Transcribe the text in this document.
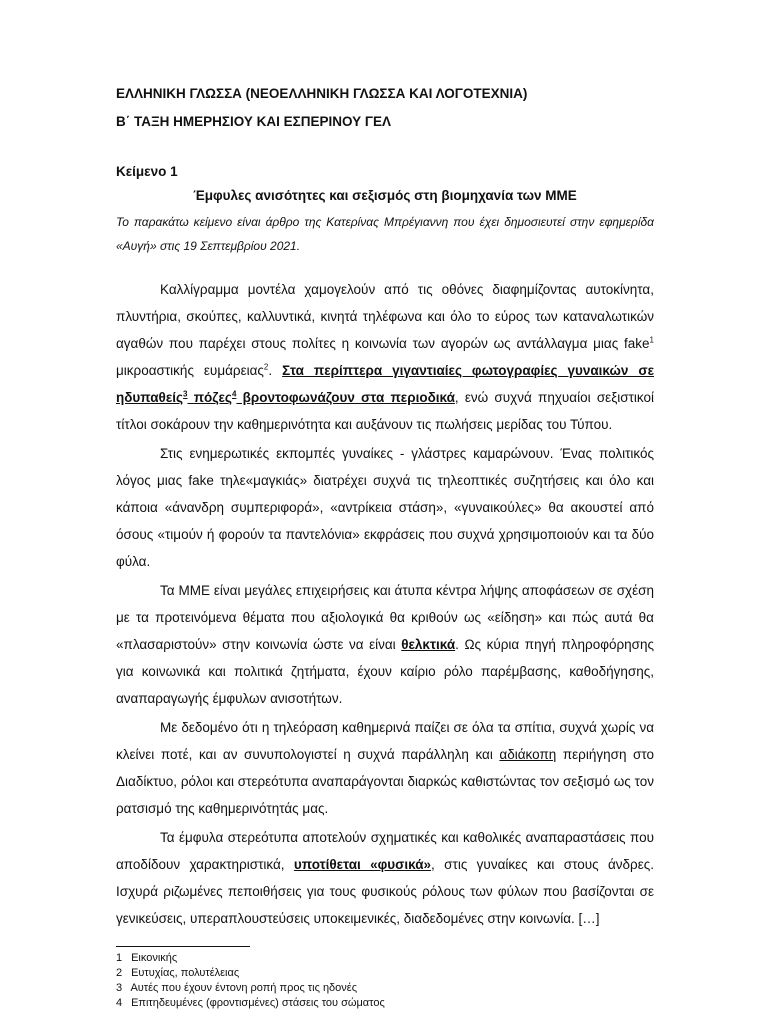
ΕΛΛΗΝΙΚΗ ΓΛΩΣΣΑ (ΝΕΟΕΛΛΗΝΙΚΗ ΓΛΩΣΣΑ ΚΑΙ ΛΟΓΟΤΕΧΝΙΑ)

Β΄ ΤΑΞΗ ΗΜΕΡΗΣΙΟΥ ΚΑΙ ΕΣΠΕΡΙΝΟΥ ΓΕΛ

Κείμενο 1
Έμφυλες ανισότητες και σεξισμός στη βιομηχανία των ΜΜΕ
Το παρακάτω κείμενο είναι άρθρο της Κατερίνας Μπρέγιαννη που έχει δημοσιευτεί στην εφημερίδα «Αυγή» στις 19 Σεπτεμβρίου 2021.

Καλλίγραμμα μοντέλα χαμογελούν από τις οθόνες διαφημίζοντας αυτοκίνητα, πλυντήρια, σκούπες, καλλυντικά, κινητά τηλέφωνα και όλο το εύρος των καταναλωτικών αγαθών που παρέχει στους πολίτες η κοινωνία των αγορών ως αντάλλαγμα μιας fake$^1$ μικροαστικής ευμάρειας$^2$. Στα περίπτερα γιγαντιαίες φωτογραφίες γυναικών σε ηδυπαθείς$^3$ πόζες$^4$ βροντοφωνάζουν στα περιοδικά, ενώ συχνά πηχυαίοι σεξιστικοί τίτλοι σοκάρουν την καθημερινότητα και αυξάνουν τις πωλήσεις μερίδας του Τύπου.

Στις ενημερωτικές εκπομπές γυναίκες - γλάστρες καμαρώνουν. Ένας πολιτικός λόγος μιας fake τηλε«μαγκιάς» διατρέχει συχνά τις τηλεοπτικές συζητήσεις και όλο και κάποια «άνανδρη συμπεριφορά», «αντρίκεια στάση», «γυναικούλες» θα ακουστεί από όσους «τιμούν ή φορούν τα παντελόνια» εκφράσεις που συχνά χρησιμοποιούν και τα δύο φύλα.

Τα ΜΜΕ είναι μεγάλες επιχειρήσεις και άτυπα κέντρα λήψης αποφάσεων σε σχέση με τα προτεινόμενα θέματα που αξιολογικά θα κριθούν ως «είδηση» και πώς αυτά θα «πλασαριστούν» στην κοινωνία ώστε να είναι θελκτικά. Ως κύρια πηγή πληροφόρησης για κοινωνικά και πολιτικά ζητήματα, έχουν καίριο ρόλο παρέμβασης, καθοδήγησης, αναπαραγωγής έμφυλων ανισοτήτων.

Με δεδομένο ότι η τηλεόραση καθημερινά παίζει σε όλα τα σπίτια, συχνά χωρίς να κλείνει ποτέ, και αν συνυπολογιστεί η συχνά παράλληλη και αδιάκοπη περιήγηση στο Διαδίκτυο, ρόλοι και στερεότυπα αναπαράγονται διαρκώς καθιστώντας τον σεξισμό ως τον ρατσισμό της καθημερινότητάς μας.

Τα έμφυλα στερεότυπα αποτελούν σχηματικές και καθολικές αναπαραστάσεις που αποδίδουν χαρακτηριστικά, υποτίθεται «φυσικά», στις γυναίκες και στους άνδρες. Ισχυρά ριζωμένες πεποιθήσεις για τους φυσικούς ρόλους των φύλων που βασίζονται σε γενικεύσεις, υπεραπλουστεύσεις υποκειμενικές, διαδεδομένες στην κοινωνία. […]

1 Εικονικής

2 Ευτυχίας, πολυτέλειας

3 Αυτές που έχουν έντονη ροπή προς τις ηδονές

4 Επιτηδευμένες (φροντισμένες) στάσεις του σώματος
